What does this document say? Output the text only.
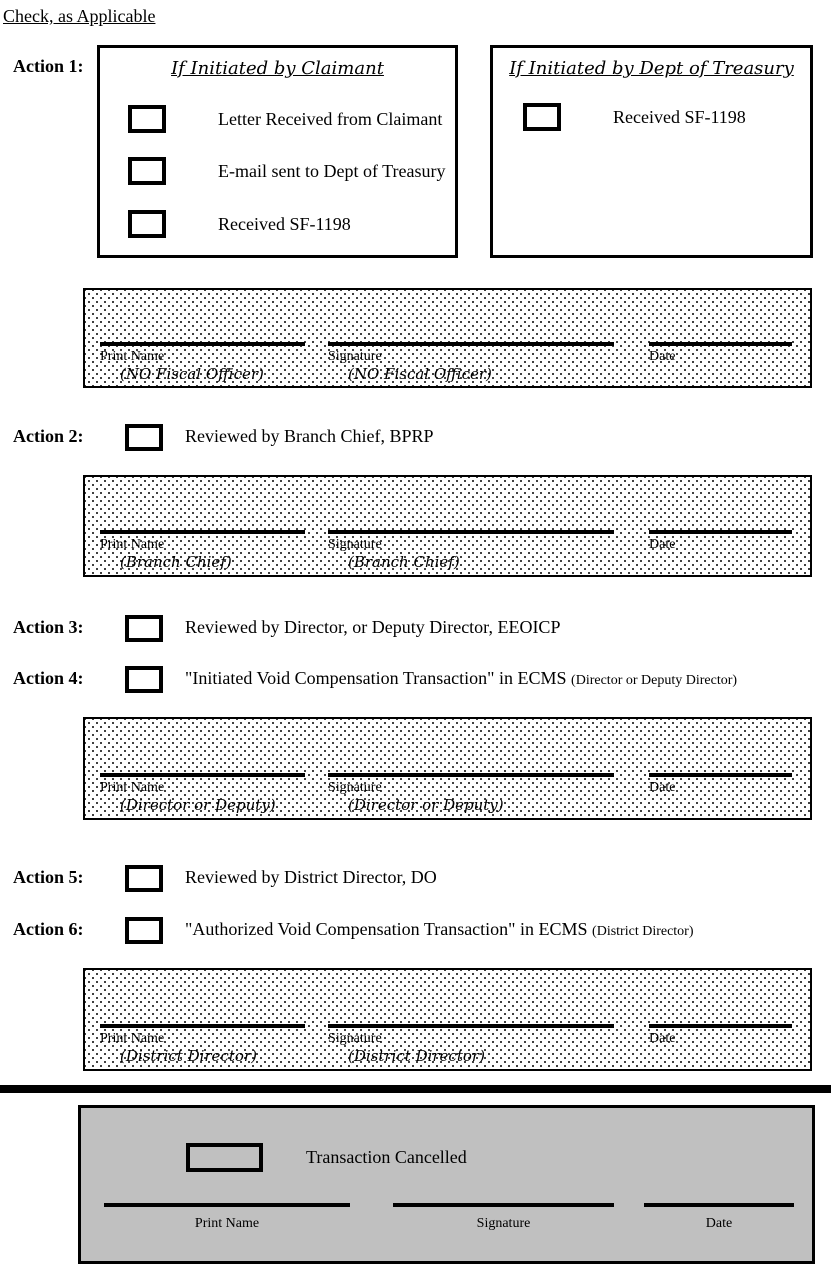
Check, as Applicable
Action 1:	If Initiated by Claimant
Letter Received from Claimant
E-mail sent to Dept of Treasury
Received SF-1198
If Initiated by Dept of Treasury
Received SF-1198
Print Name
(NO Fiscal Officer)
Signature
(NO Fiscal Officer)
Date
Action 2:	Reviewed by Branch Chief, BPRP
Print Name
(Branch Chief)
Signature
(Branch Chief)
Date
Action 3:	Reviewed by Director, or Deputy Director, EEOICP
Action 4:	"Initiated Void Compensation Transaction" in ECMS (Director or Deputy Director)
Print Name
(Director or Deputy)
Signature
(Director or Deputy)
Date
Action 5:	Reviewed by District Director, DO
Action 6:	"Authorized Void Compensation Transaction" in ECMS (District Director)
Print Name
(District Director)
Signature
(District Director)
Date
Transaction Cancelled
Print Name	Signature	Date
